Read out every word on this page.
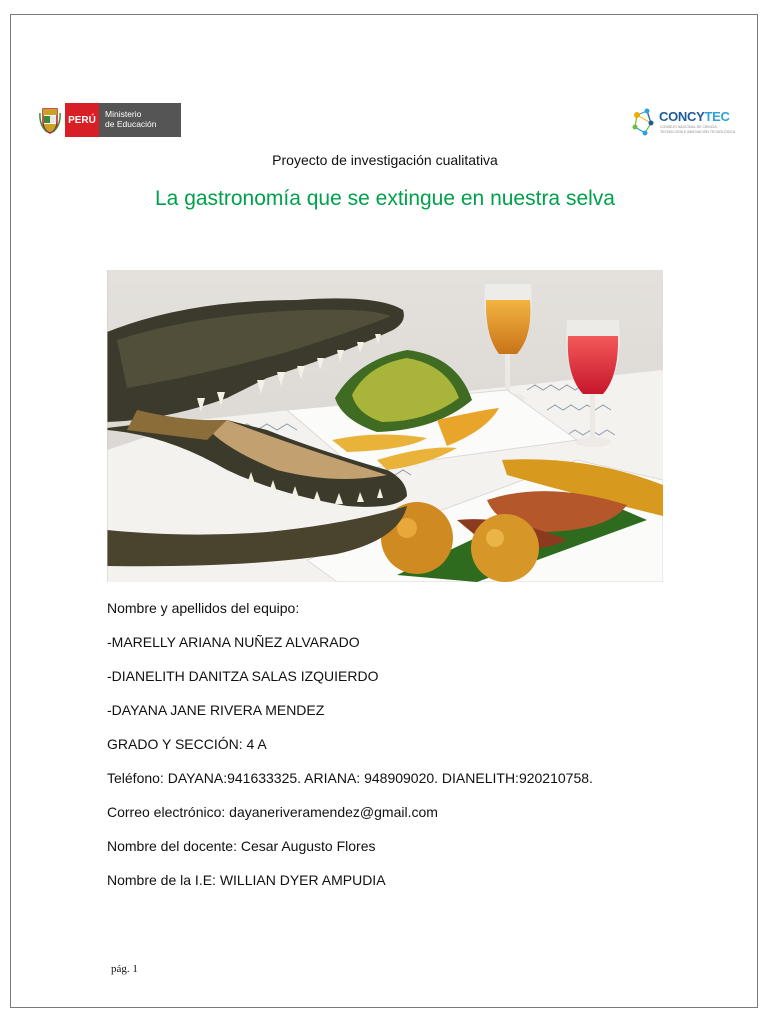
PERÚ
Ministerio
de Educación	CONCYTEC
CONSEJO NACIONAL DE CIENCIA, TECNOLOGÍA E INNOVACIÓN TECNOLÓGICA
Proyecto de investigación cualitativa
La gastronomía que se extingue en nuestra selva
Nombre y apellidos del equipo:
-MARELLY ARIANA NUÑEZ ALVARADO
-DIANELITH DANITZA SALAS IZQUIERDO
-DAYANA JANE RIVERA MENDEZ
GRADO Y SECCIÓN: 4 A
Teléfono: DAYANA:941633325. ARIANA: 948909020. DIANELITH:920210758.
Correo electrónico: dayaneriveramendez@gmail.com
Nombre del docente: Cesar Augusto Flores
Nombre de la I.E: WILLIAN DYER AMPUDIA
pág. 1
